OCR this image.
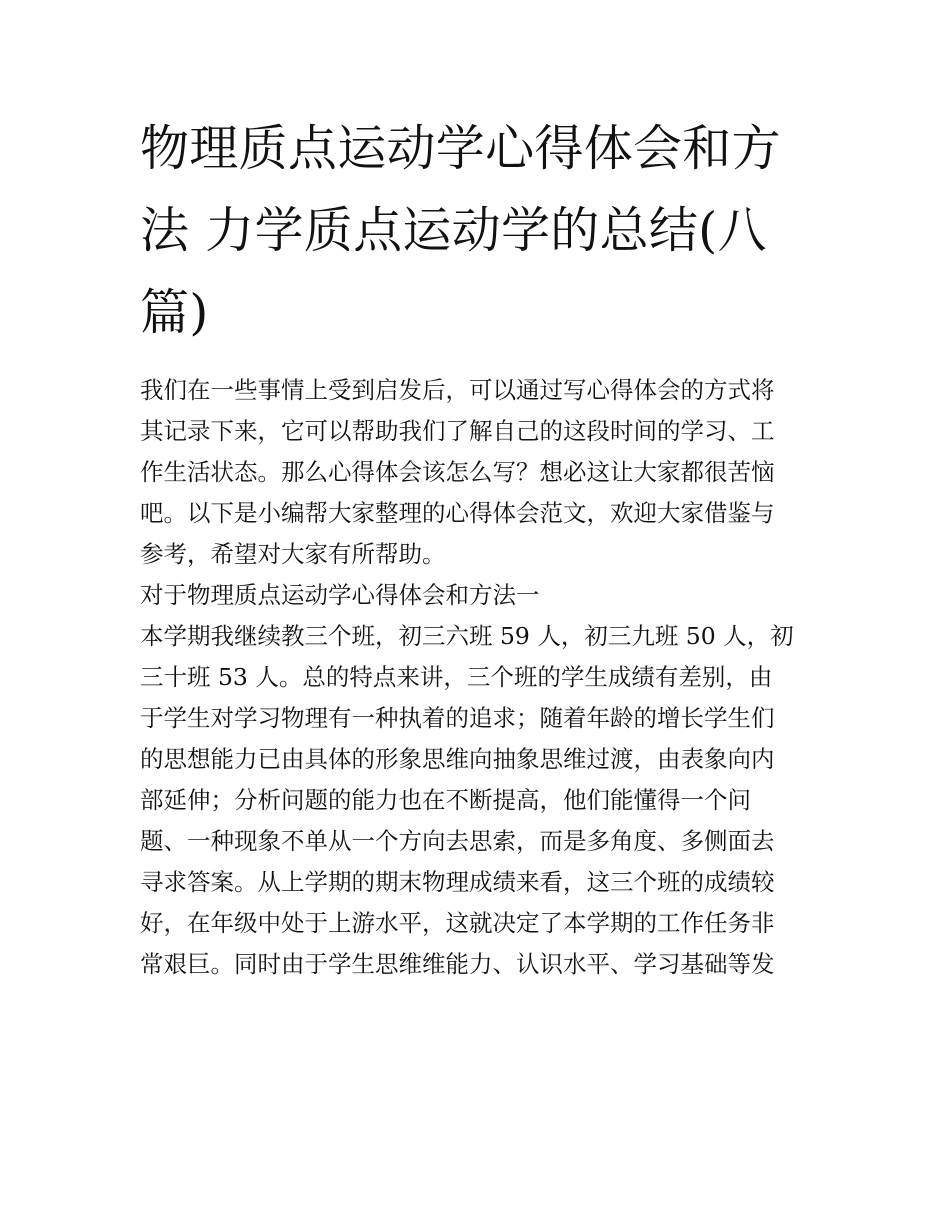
物理质点运动学心得体会和方
法 力学质点运动学的总结(八
篇)

我们在一些事情上受到启发后，可以通过写心得体会的方式将
其记录下来，它可以帮助我们了解自己的这段时间的学习、工
作生活状态。那么心得体会该怎么写？想必这让大家都很苦恼
吧。以下是小编帮大家整理的心得体会范文，欢迎大家借鉴与
参考，希望对大家有所帮助。

对于物理质点运动学心得体会和方法一

本学期我继续教三个班，初三六班 59 人，初三九班 50 人，初
三十班 53 人。总的特点来讲，三个班的学生成绩有差别，由
于学生对学习物理有一种执着的追求；随着年龄的增长学生们
的思想能力已由具体的形象思维向抽象思维过渡，由表象向内
部延伸；分析问题的能力也在不断提高，他们能懂得一个问
题、一种现象不单从一个方向去思索，而是多角度、多侧面去
寻求答案。从上学期的期末物理成绩来看，这三个班的成绩较
好，在年级中处于上游水平，这就决定了本学期的工作任务非
常艰巨。同时由于学生思维维能力、认识水平、学习基础等发
